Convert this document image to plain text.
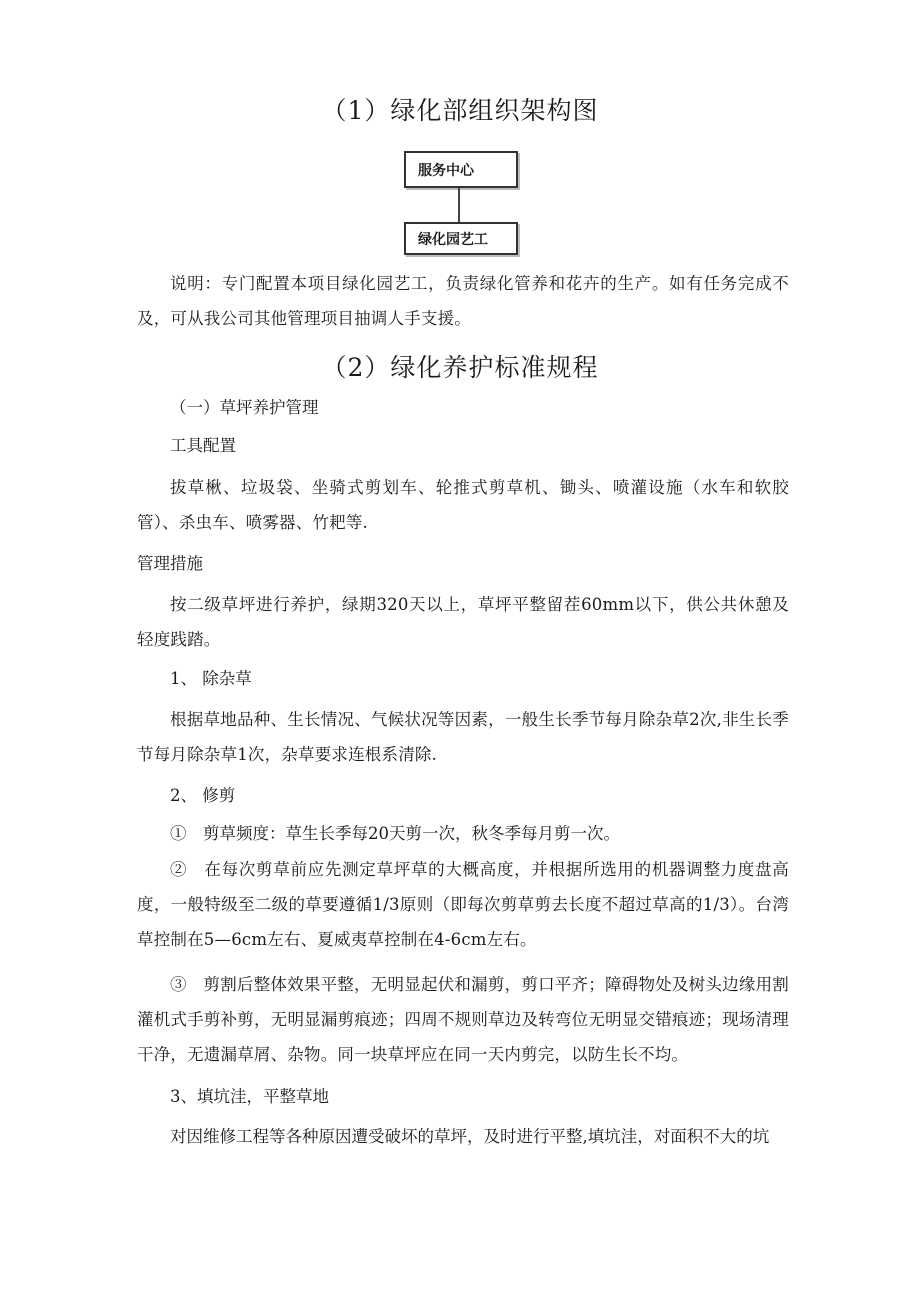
（1）绿化部组织架构图
服务中心
绿化园艺工
说明：专门配置本项目绿化园艺工，负责绿化管养和花卉的生产。如有任务完成不及，可从我公司其他管理项目抽调人手支援。
（2）绿化养护标准规程
（一）草坪养护管理
工具配置
拔草楸、垃圾袋、坐骑式剪划车、轮推式剪草机、锄头、喷灌设施（水车和软胶管）、杀虫车、喷雾器、竹耙等.
管理措施
按二级草坪进行养护，绿期320天以上，草坪平整留茬60mm以下，供公共休憩及轻度践踏。
1、 除杂草
根据草地品种、生长情况、气候状况等因素，一般生长季节每月除杂草2次,非生长季节每月除杂草1次，杂草要求连根系清除.
2、 修剪
①　剪草频度：草生长季每20天剪一次，秋冬季每月剪一次。
②　在每次剪草前应先测定草坪草的大概高度，并根据所选用的机器调整力度盘高度，一般特级至二级的草要遵循1/3原则（即每次剪草剪去长度不超过草高的1/3）。台湾草控制在5—6cm左右、夏威夷草控制在4-6cm左右。
③　剪割后整体效果平整，无明显起伏和漏剪，剪口平齐；障碍物处及树头边缘用割灌机式手剪补剪，无明显漏剪痕迹；四周不规则草边及转弯位无明显交错痕迹；现场清理干净，无遗漏草屑、杂物。同一块草坪应在同一天内剪完，以防生长不均。
3、填坑洼，平整草地
对因维修工程等各种原因遭受破坏的草坪，及时进行平整,填坑洼，对面积不大的坑
